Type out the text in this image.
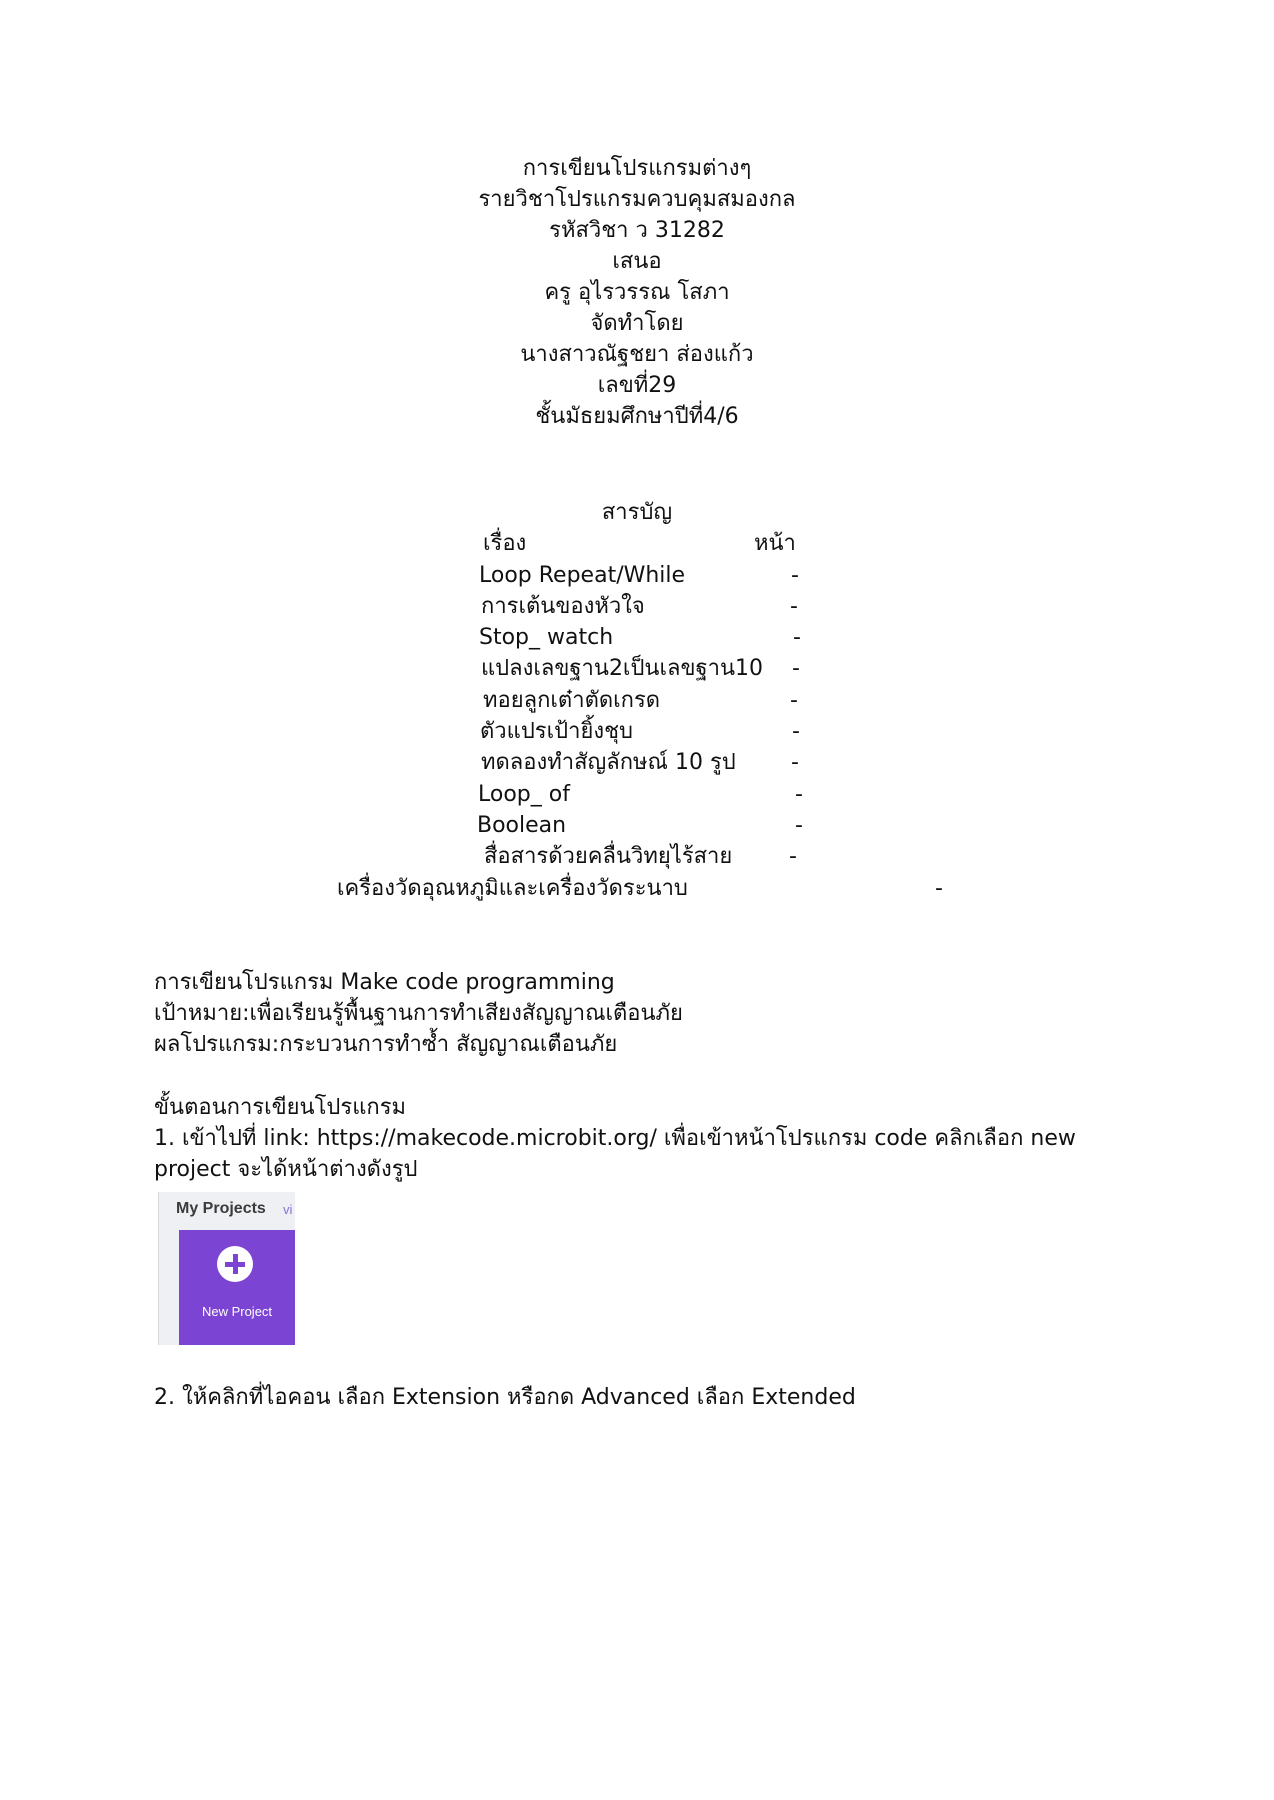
การเขียนโปรแกรมต่างๆ
รายวิชาโปรแกรมควบคุมสมองกล
รหัสวิชา ว 31282
เสนอ
ครู อุไรวรรณ โสภา
จัดทำโดย
นางสาวณัฐชยา ส่องแก้ว
เลขที่29
ชั้นมัธยมศึกษาปีที่4/6
สารบัญ
เรื่อง	หน้า
Loop Repeat/While	-
การเต้นของหัวใจ	-
Stop_ watch	-
แปลงเลขฐาน2เป็นเลขฐาน10 -
ทอยลูกเต๋าตัดเกรด	-
ตัวแปรเป้ายิ้งชุบ	-
ทดลองทำสัญลักษณ์ 10 รูป	-
Loop_ of	-
Boolean	-
สื่อสารด้วยคลื่นวิทยุไร้สาย	-
เครื่องวัดอุณหภูมิและเครื่องวัดระนาบ	-
การเขียนโปรแกรม Make code programming
เป้าหมาย:เพื่อเรียนรู้พื้นฐานการทำเสียงสัญญาณเตือนภัย
ผลโปรแกรม:กระบวนการทำซ้ำ สัญญาณเตือนภัย
ขั้นตอนการเขียนโปรแกรม
1. เข้าไปที่ link: https://makecode.microbit.org/ เพื่อเข้าหน้าโปรแกรม code คลิกเลือก new
project จะได้หน้าต่างดังรูป
My Projects vi
New Project
2. ให้คลิกที่ไอคอน เลือก Extension หรือกด Advanced เลือก Extended
